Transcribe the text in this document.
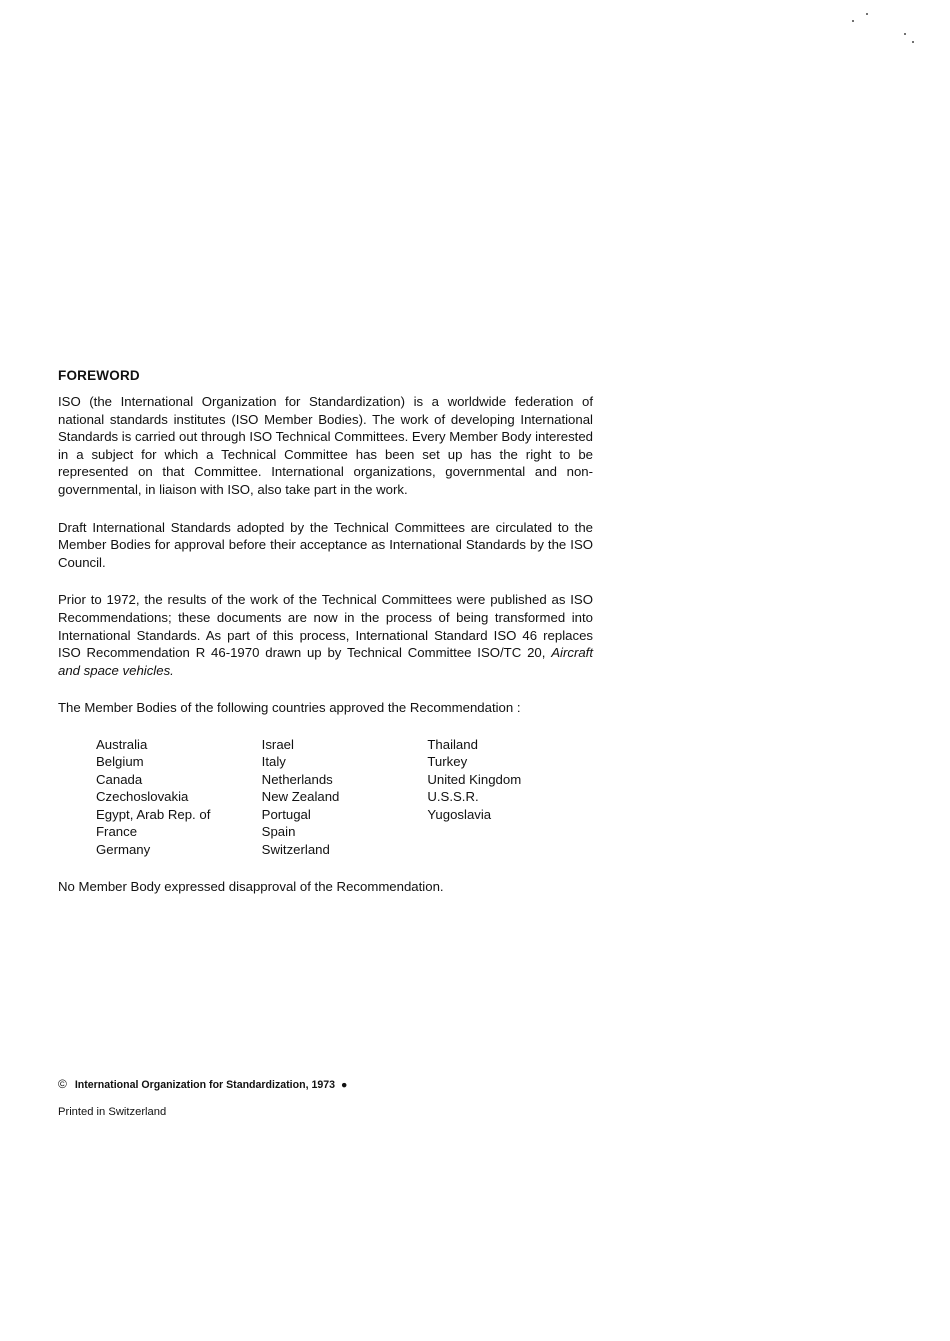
FOREWORD

ISO (the International Organization for Standardization) is a worldwide federation of national standards institutes (ISO Member Bodies). The work of developing International Standards is carried out through ISO Technical Committees. Every Member Body interested in a subject for which a Technical Committee has been set up has the right to be represented on that Committee. International organizations, governmental and non-governmental, in liaison with ISO, also take part in the work.

Draft International Standards adopted by the Technical Committees are circulated to the Member Bodies for approval before their acceptance as International Standards by the ISO Council.

Prior to 1972, the results of the work of the Technical Committees were published as ISO Recommendations; these documents are now in the process of being transformed into International Standards. As part of this process, International Standard ISO 46 replaces ISO Recommendation R 46-1970 drawn up by Technical Committee ISO/TC 20, Aircraft and space vehicles.

The Member Bodies of the following countries approved the Recommendation :

Australia
Belgium
Canada
Czechoslovakia
Egypt, Arab Rep. of
France
Germany
Israel
Italy
Netherlands
New Zealand
Portugal
Spain
Switzerland
Thailand
Turkey
United Kingdom
U.S.S.R.
Yugoslavia

No Member Body expressed disapproval of the Recommendation.

© International Organization for Standardization, 1973 ●
Printed in Switzerland
